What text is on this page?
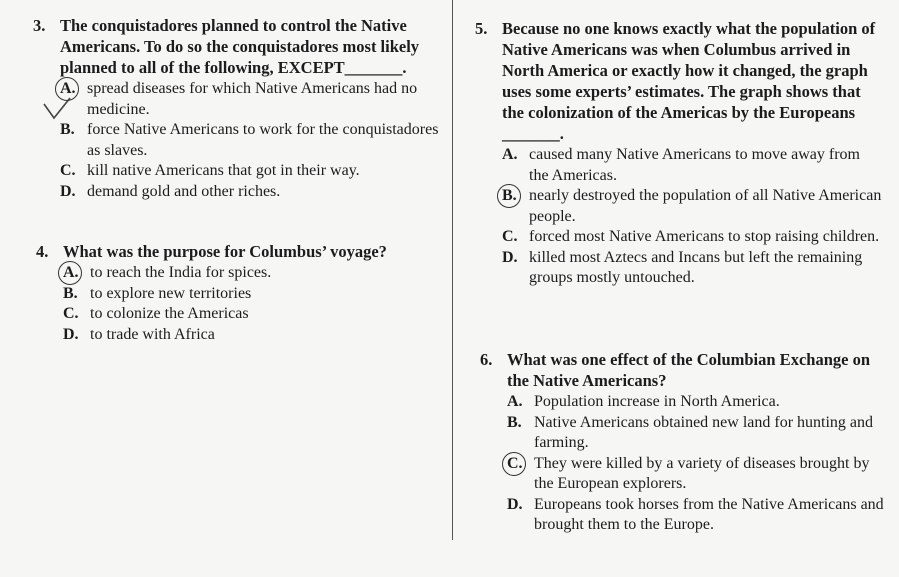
3. The conquistadores planned to control the Native Americans. To do so the conquistadores most likely planned to all of the following, EXCEPT_______.
A. spread diseases for which Native Americans had no medicine.
B. force Native Americans to work for the conquistadores as slaves.
C. kill native Americans that got in their way.
D. demand gold and other riches.
4. What was the purpose for Columbus’ voyage?
A. to reach the India for spices.
B. to explore new territories
C. to colonize the Americas
D. to trade with Africa
5. Because no one knows exactly what the population of Native Americans was when Columbus arrived in North America or exactly how it changed, the graph uses some experts’ estimates. The graph shows that the colonization of the Americas by the Europeans _______.
A. caused many Native Americans to move away from the Americas.
B. nearly destroyed the population of all Native American people.
C. forced most Native Americans to stop raising children.
D. killed most Aztecs and Incans but left the remaining groups mostly untouched.
6. What was one effect of the Columbian Exchange on the Native Americans?
A. Population increase in North America.
B. Native Americans obtained new land for hunting and farming.
C. They were killed by a variety of diseases brought by the European explorers.
D. Europeans took horses from the Native Americans and brought them to the Europe.
